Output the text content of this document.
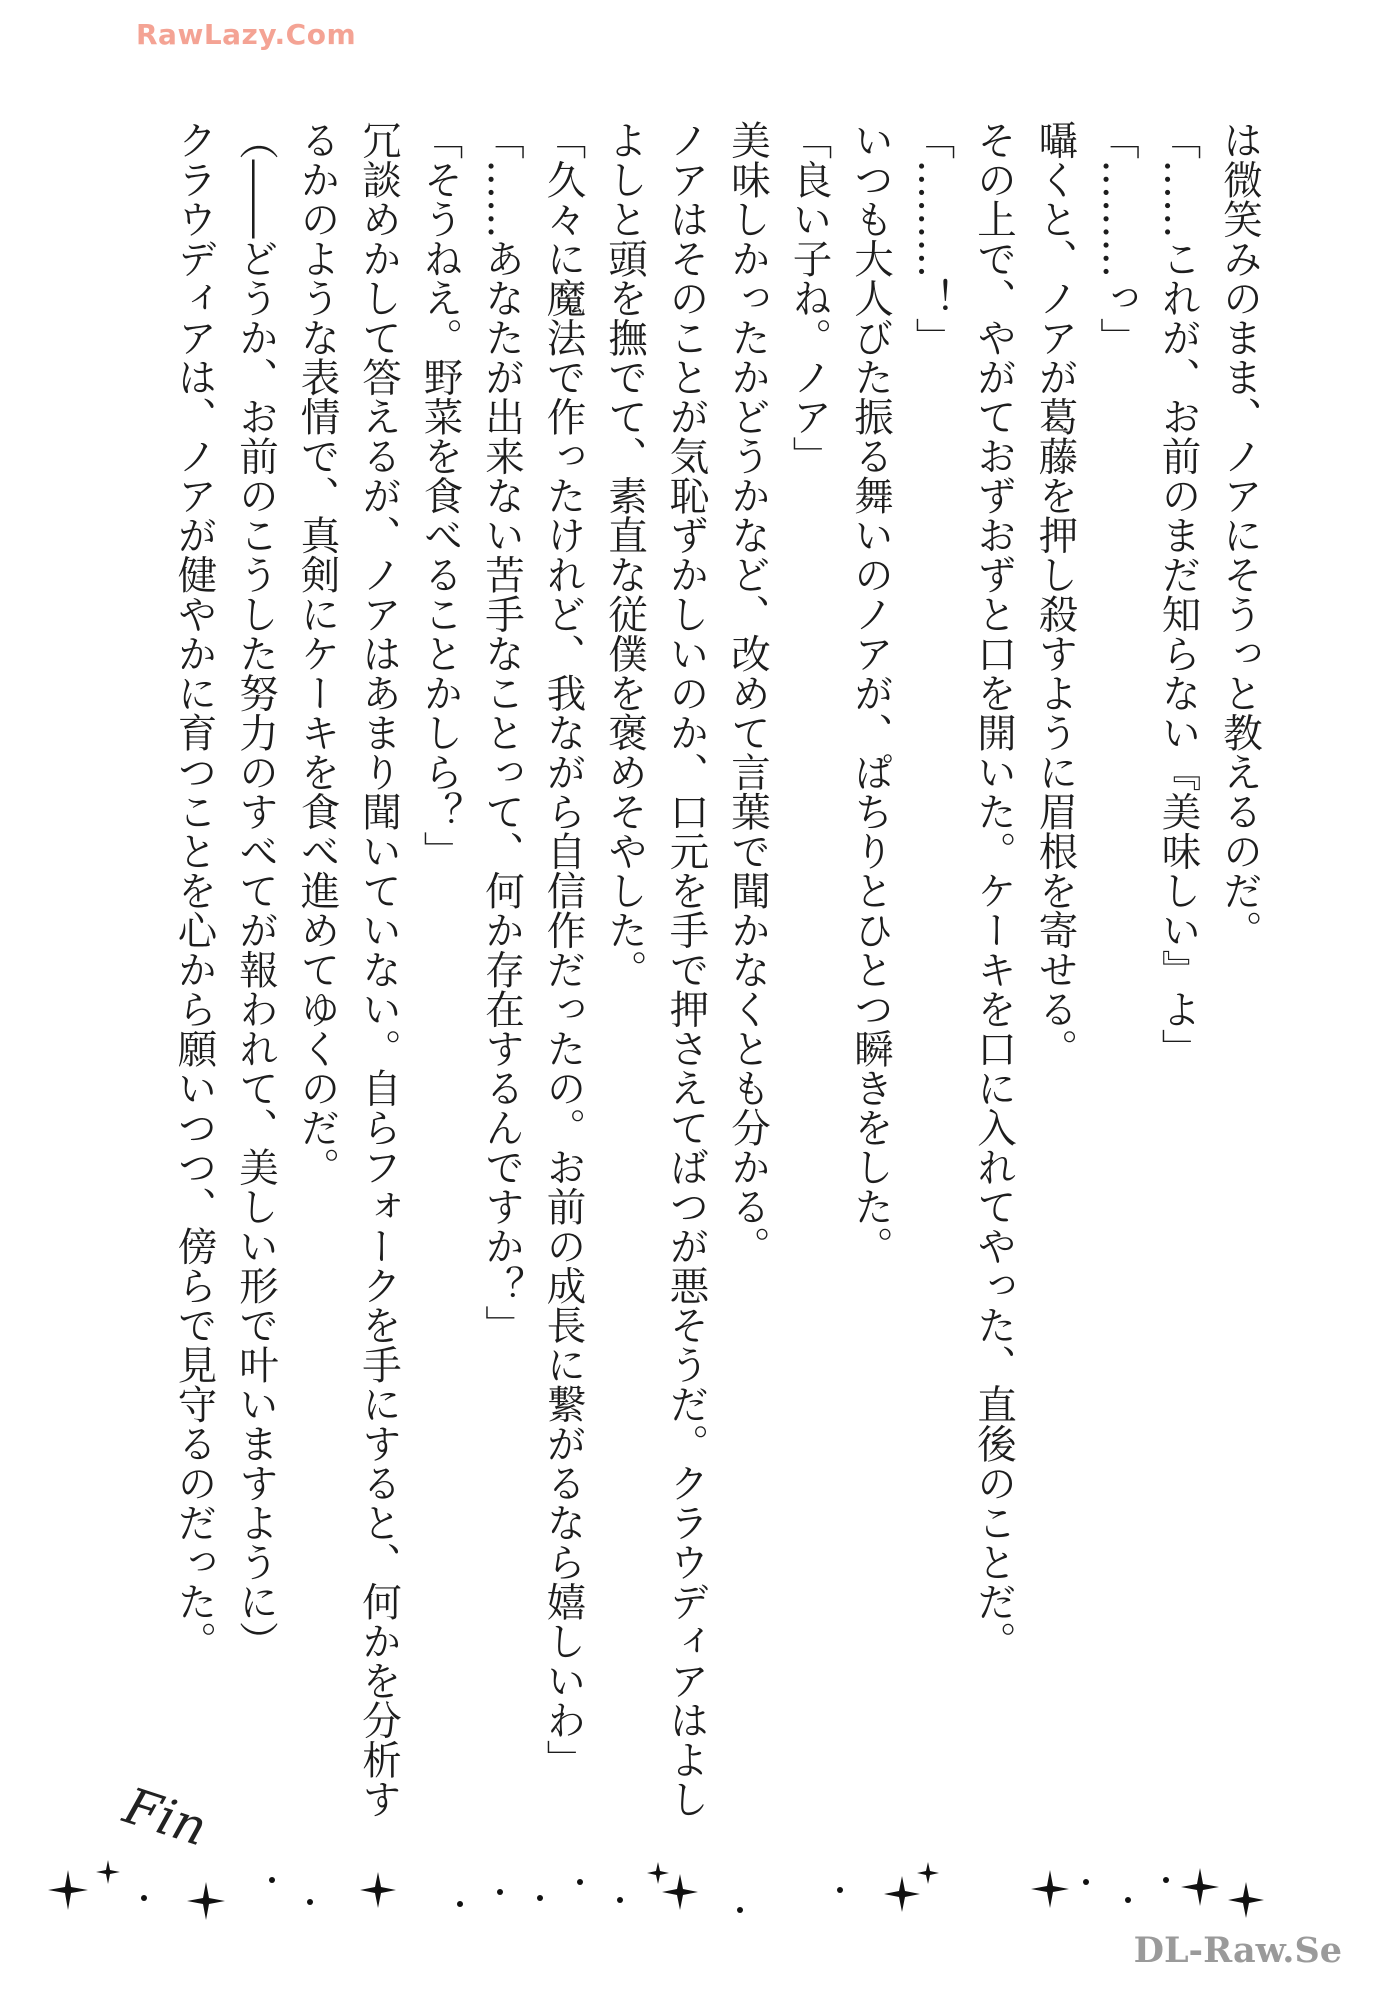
RawLazy.Com
は微笑みのまま、ノアにそうっと教えるのだ。
「……これが、お前のまだ知らない『美味しい』よ」
「………っ」
囁くと、ノアが葛藤を押し殺すように眉根を寄せる。
その上で、やがておずおずと口を開いた。ケーキを口に入れてやった、直後のことだ。
「………！」
いつも大人びた振る舞いのノアが、ぱちりとひとつ瞬きをした。
「良い子ね。ノア」
美味しかったかどうかなど、改めて言葉で聞かなくとも分かる。
ノアはそのことが気恥ずかしいのか、口元を手で押さえてばつが悪そうだ。クラウディアはよし
よしと頭を撫でて、素直な従僕を褒めそやした。
「久々に魔法で作ったけれど、我ながら自信作だったの。お前の成長に繋がるなら嬉しいわ」
「……あなたが出来ない苦手なことって、何か存在するんですか？」
「そうねえ。野菜を食べることかしら？」
冗談めかして答えるが、ノアはあまり聞いていない。自らフォークを手にすると、何かを分析す
るかのような表情で、真剣にケーキを食べ進めてゆくのだ。
（――どうか、お前のこうした努力のすべてが報われて、美しい形で叶いますように）
クラウディアは、ノアが健やかに育つことを心から願いつつ、傍らで見守るのだった。
Fin
DL-Raw.Se
